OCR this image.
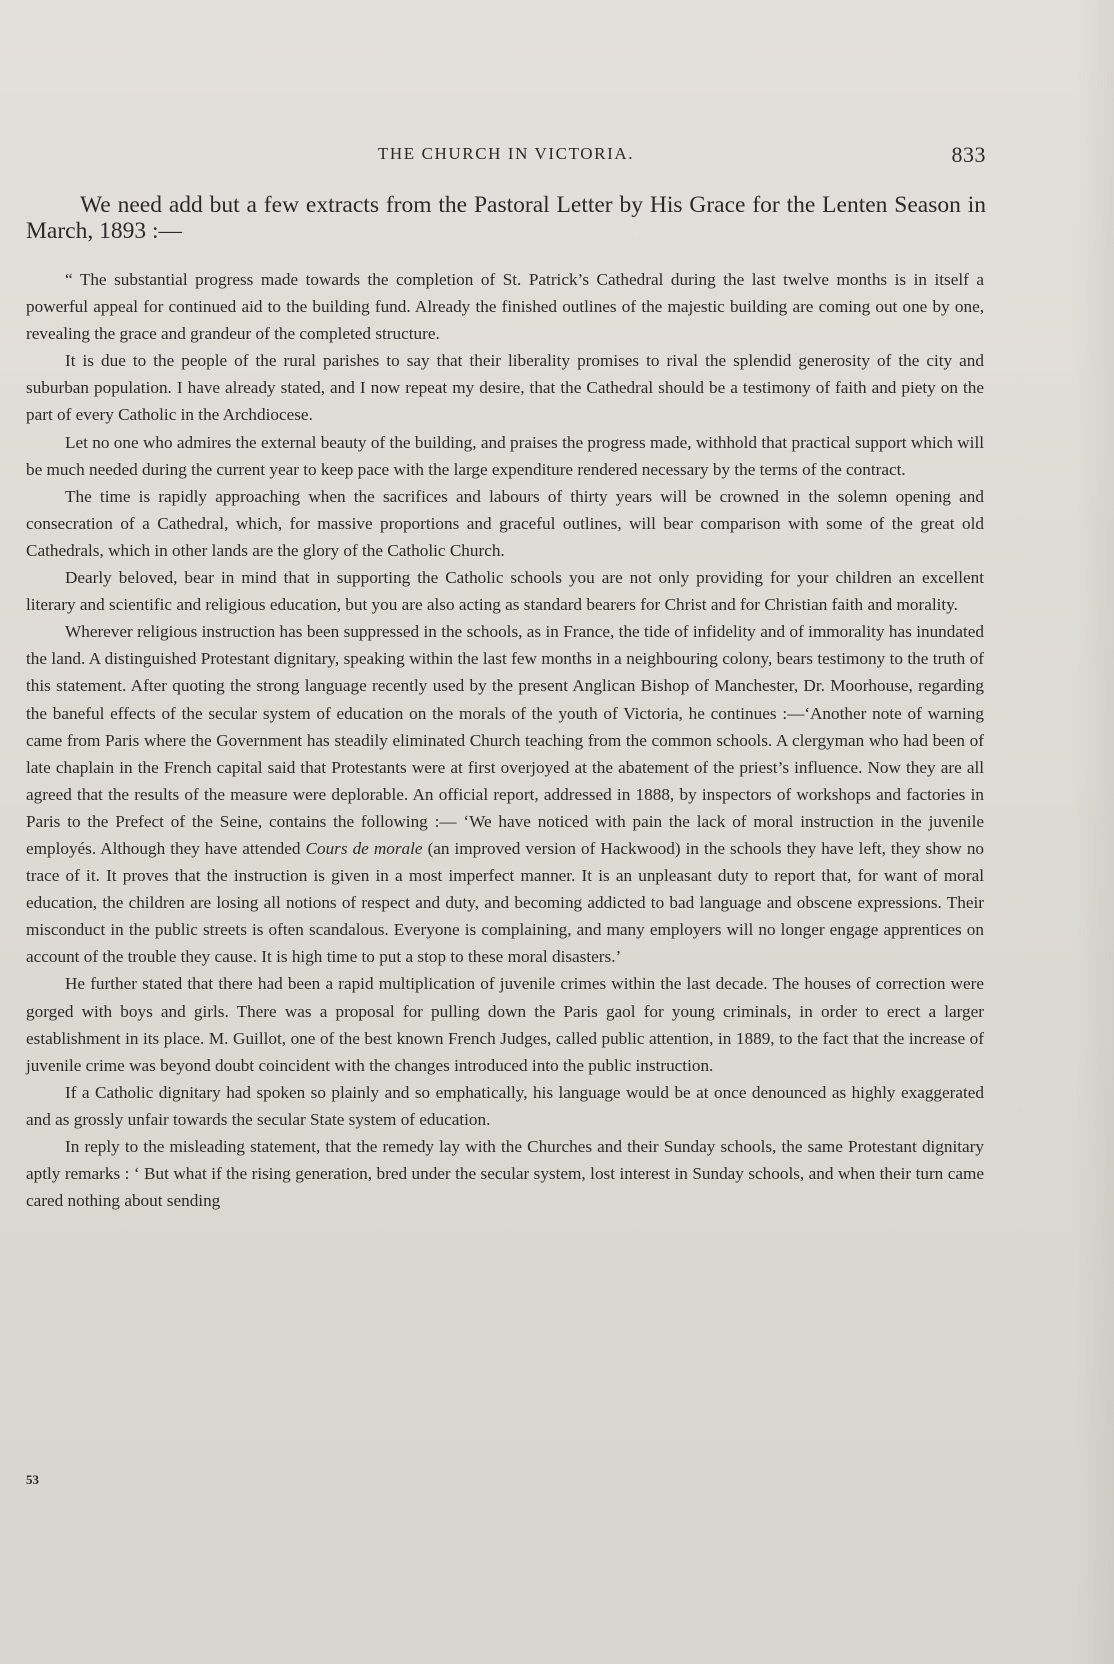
THE CHURCH IN VICTORIA.	833

We need add but a few extracts from the Pastoral Letter by His Grace for the Lenten Season in March, 1893 :—

“ The substantial progress made towards the completion of St. Patrick’s Cathedral during the last twelve months is in itself a powerful appeal for continued aid to the building fund. Already the finished outlines of the majestic building are coming out one by one, revealing the grace and grandeur of the completed structure.

It is due to the people of the rural parishes to say that their liberality promises to rival the splendid generosity of the city and suburban population. I have already stated, and I now repeat my desire, that the Cathedral should be a testimony of faith and piety on the part of every Catholic in the Archdiocese.

Let no one who admires the external beauty of the building, and praises the progress made, withhold that practical support which will be much needed during the current year to keep pace with the large expenditure rendered necessary by the terms of the contract.

The time is rapidly approaching when the sacrifices and labours of thirty years will be crowned in the solemn opening and consecration of a Cathedral, which, for massive proportions and graceful outlines, will bear comparison with some of the great old Cathedrals, which in other lands are the glory of the Catholic Church.

Dearly beloved, bear in mind that in supporting the Catholic schools you are not only providing for your children an excellent literary and scientific and religious education, but you are also acting as standard bearers for Christ and for Christian faith and morality.

Wherever religious instruction has been suppressed in the schools, as in France, the tide of infidelity and of immorality has inundated the land. A distinguished Protestant dignitary, speaking within the last few months in a neighbouring colony, bears testimony to the truth of this statement. After quoting the strong language recently used by the present Anglican Bishop of Manchester, Dr. Moorhouse, regarding the baneful effects of the secular system of education on the morals of the youth of Victoria, he continues :—‘Another note of warning came from Paris where the Government has steadily eliminated Church teaching from the common schools. A clergyman who had been of late chaplain in the French capital said that Protestants were at first overjoyed at the abatement of the priest’s influence. Now they are all agreed that the results of the measure were deplorable. An official report, addressed in 1888, by inspectors of workshops and factories in Paris to the Prefect of the Seine, contains the following :— ‘We have noticed with pain the lack of moral instruction in the juvenile employés. Although they have attended Cours de morale (an improved version of Hackwood) in the schools they have left, they show no trace of it. It proves that the instruction is given in a most imperfect manner. It is an unpleasant duty to report that, for want of moral education, the children are losing all notions of respect and duty, and becoming addicted to bad language and obscene expressions. Their misconduct in the public streets is often scandalous. Everyone is complaining, and many employers will no longer engage apprentices on account of the trouble they cause. It is high time to put a stop to these moral disasters.’

He further stated that there had been a rapid multiplication of juvenile crimes within the last decade. The houses of correction were gorged with boys and girls. There was a proposal for pulling down the Paris gaol for young criminals, in order to erect a larger establishment in its place. M. Guillot, one of the best known French Judges, called public attention, in 1889, to the fact that the increase of juvenile crime was beyond doubt coincident with the changes introduced into the public instruction.

If a Catholic dignitary had spoken so plainly and so emphatically, his language would be at once denounced as highly exaggerated and as grossly unfair towards the secular State system of education.

In reply to the misleading statement, that the remedy lay with the Churches and their Sunday schools, the same Protestant dignitary aptly remarks : ‘ But what if the rising generation, bred under the secular system, lost interest in Sunday schools, and when their turn came cared nothing about sending

53
